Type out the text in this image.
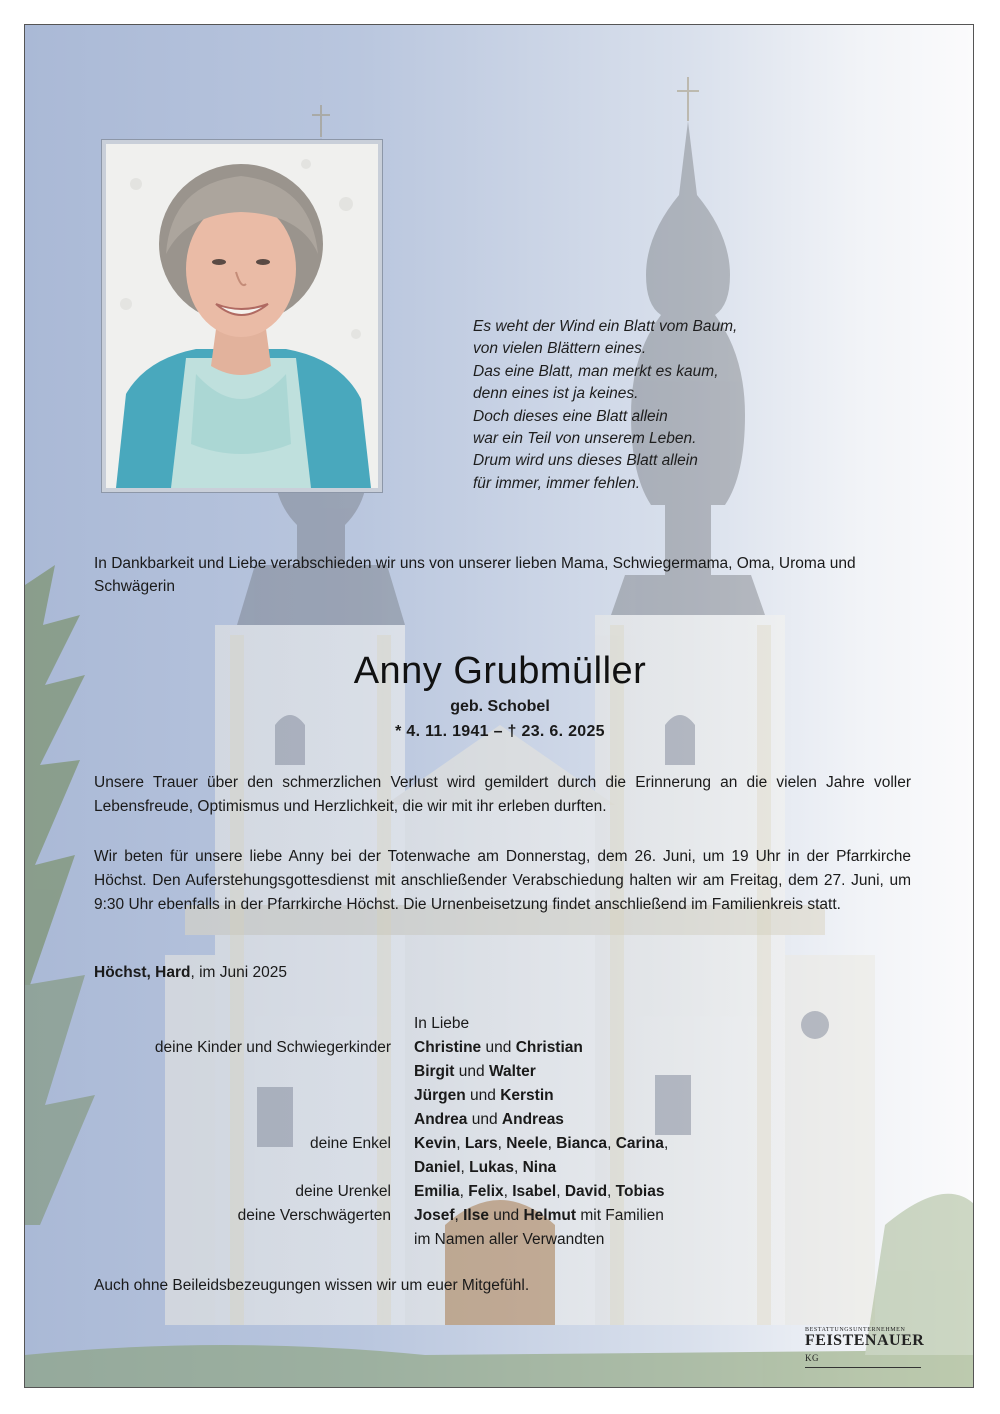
Es weht der Wind ein Blatt vom Baum,
von vielen Blättern eines.
Das eine Blatt, man merkt es kaum,
denn eines ist ja keines.
Doch dieses eine Blatt allein
war ein Teil von unserem Leben.
Drum wird uns dieses Blatt allein
für immer, immer fehlen.
In Dankbarkeit und Liebe verabschieden wir uns von unserer lieben Mama, Schwiegermama, Oma, Uroma und Schwägerin
Anny Grubmüller
geb. Schobel
* 4. 11. 1941 – † 23. 6. 2025
Unsere Trauer über den schmerzlichen Verlust wird gemildert durch die Erinnerung an die vielen Jahre voller Lebensfreude, Optimismus und Herzlichkeit, die wir mit ihr erleben durften.
Wir beten für unsere liebe Anny bei der Totenwache am Donnerstag, dem 26. Juni, um 19 Uhr in der Pfarrkirche Höchst. Den Auferstehungsgottesdienst mit anschließender Verabschiedung halten wir am Freitag, dem 27. Juni, um 9:30 Uhr ebenfalls in der Pfarrkirche Höchst. Die Urnenbeisetzung findet anschließend im Familienkreis statt.
Höchst, Hard, im Juni 2025
In Liebe
deine Kinder und Schwiegerkinder Christine und Christian
Birgit und Walter
Jürgen und Kerstin
Andrea und Andreas
deine Enkel Kevin, Lars, Neele, Bianca, Carina,
Daniel, Lukas, Nina
deine Urenkel Emilia, Felix, Isabel, David, Tobias
deine Verschwägerten Josef, Ilse und Helmut mit Familien
im Namen aller Verwandten
Auch ohne Beileidsbezeugungen wissen wir um euer Mitgefühl.
BESTATTUNGSUNTERNEHMEN
FEISTENAUER KG
